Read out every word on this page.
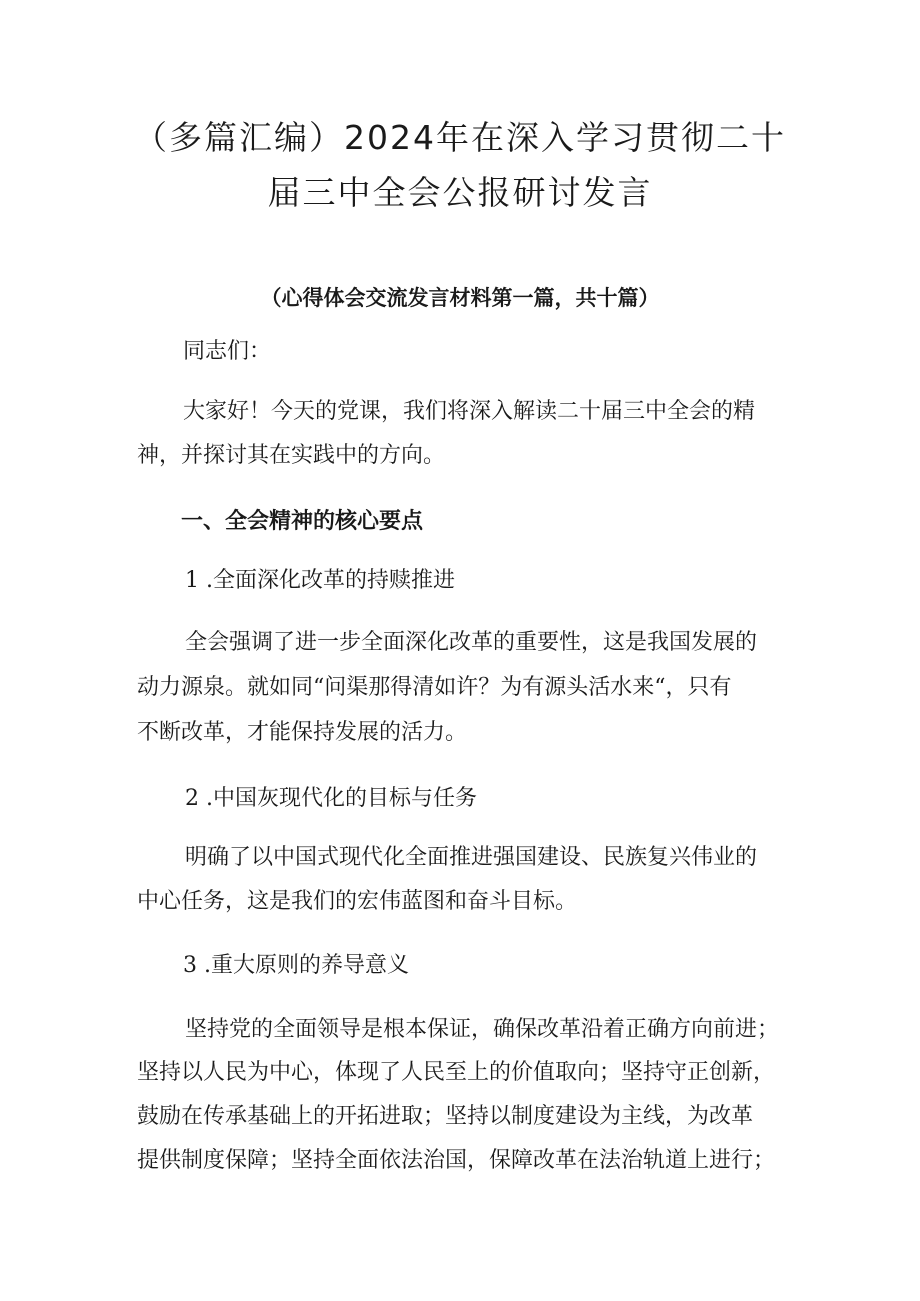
（多篇汇编）2024年在深入学习贯彻二十
届三中全会公报研讨发言
（心得体会交流发言材料第一篇，共十篇）
同志们：
大家好！今天的党课，我们将深入解读二十届三中全会的精
神，并探讨其在实践中的方向。
一、全会精神的核心要点
1 .全面深化改革的持赎推进
全会强调了进一步全面深化改革的重要性，这是我国发展的
动力源泉。就如同“问渠那得清如许？为有源头活水来“，只有
不断改革，才能保持发展的活力。
2 .中国灰现代化的目标与任务
明确了以中国式现代化全面推进强国建设、民族复兴伟业的
中心任务，这是我们的宏伟蓝图和奋斗目标。
3 .重大原则的养导意义
坚持党的全面领导是根本保证，确保改革沿着正确方向前进；
坚持以人民为中心，体现了人民至上的价值取向；坚持守正创新，
鼓励在传承基础上的开拓进取；坚持以制度建设为主线，为改革
提供制度保障；坚持全面依法治国，保障改革在法治轨道上进行；
